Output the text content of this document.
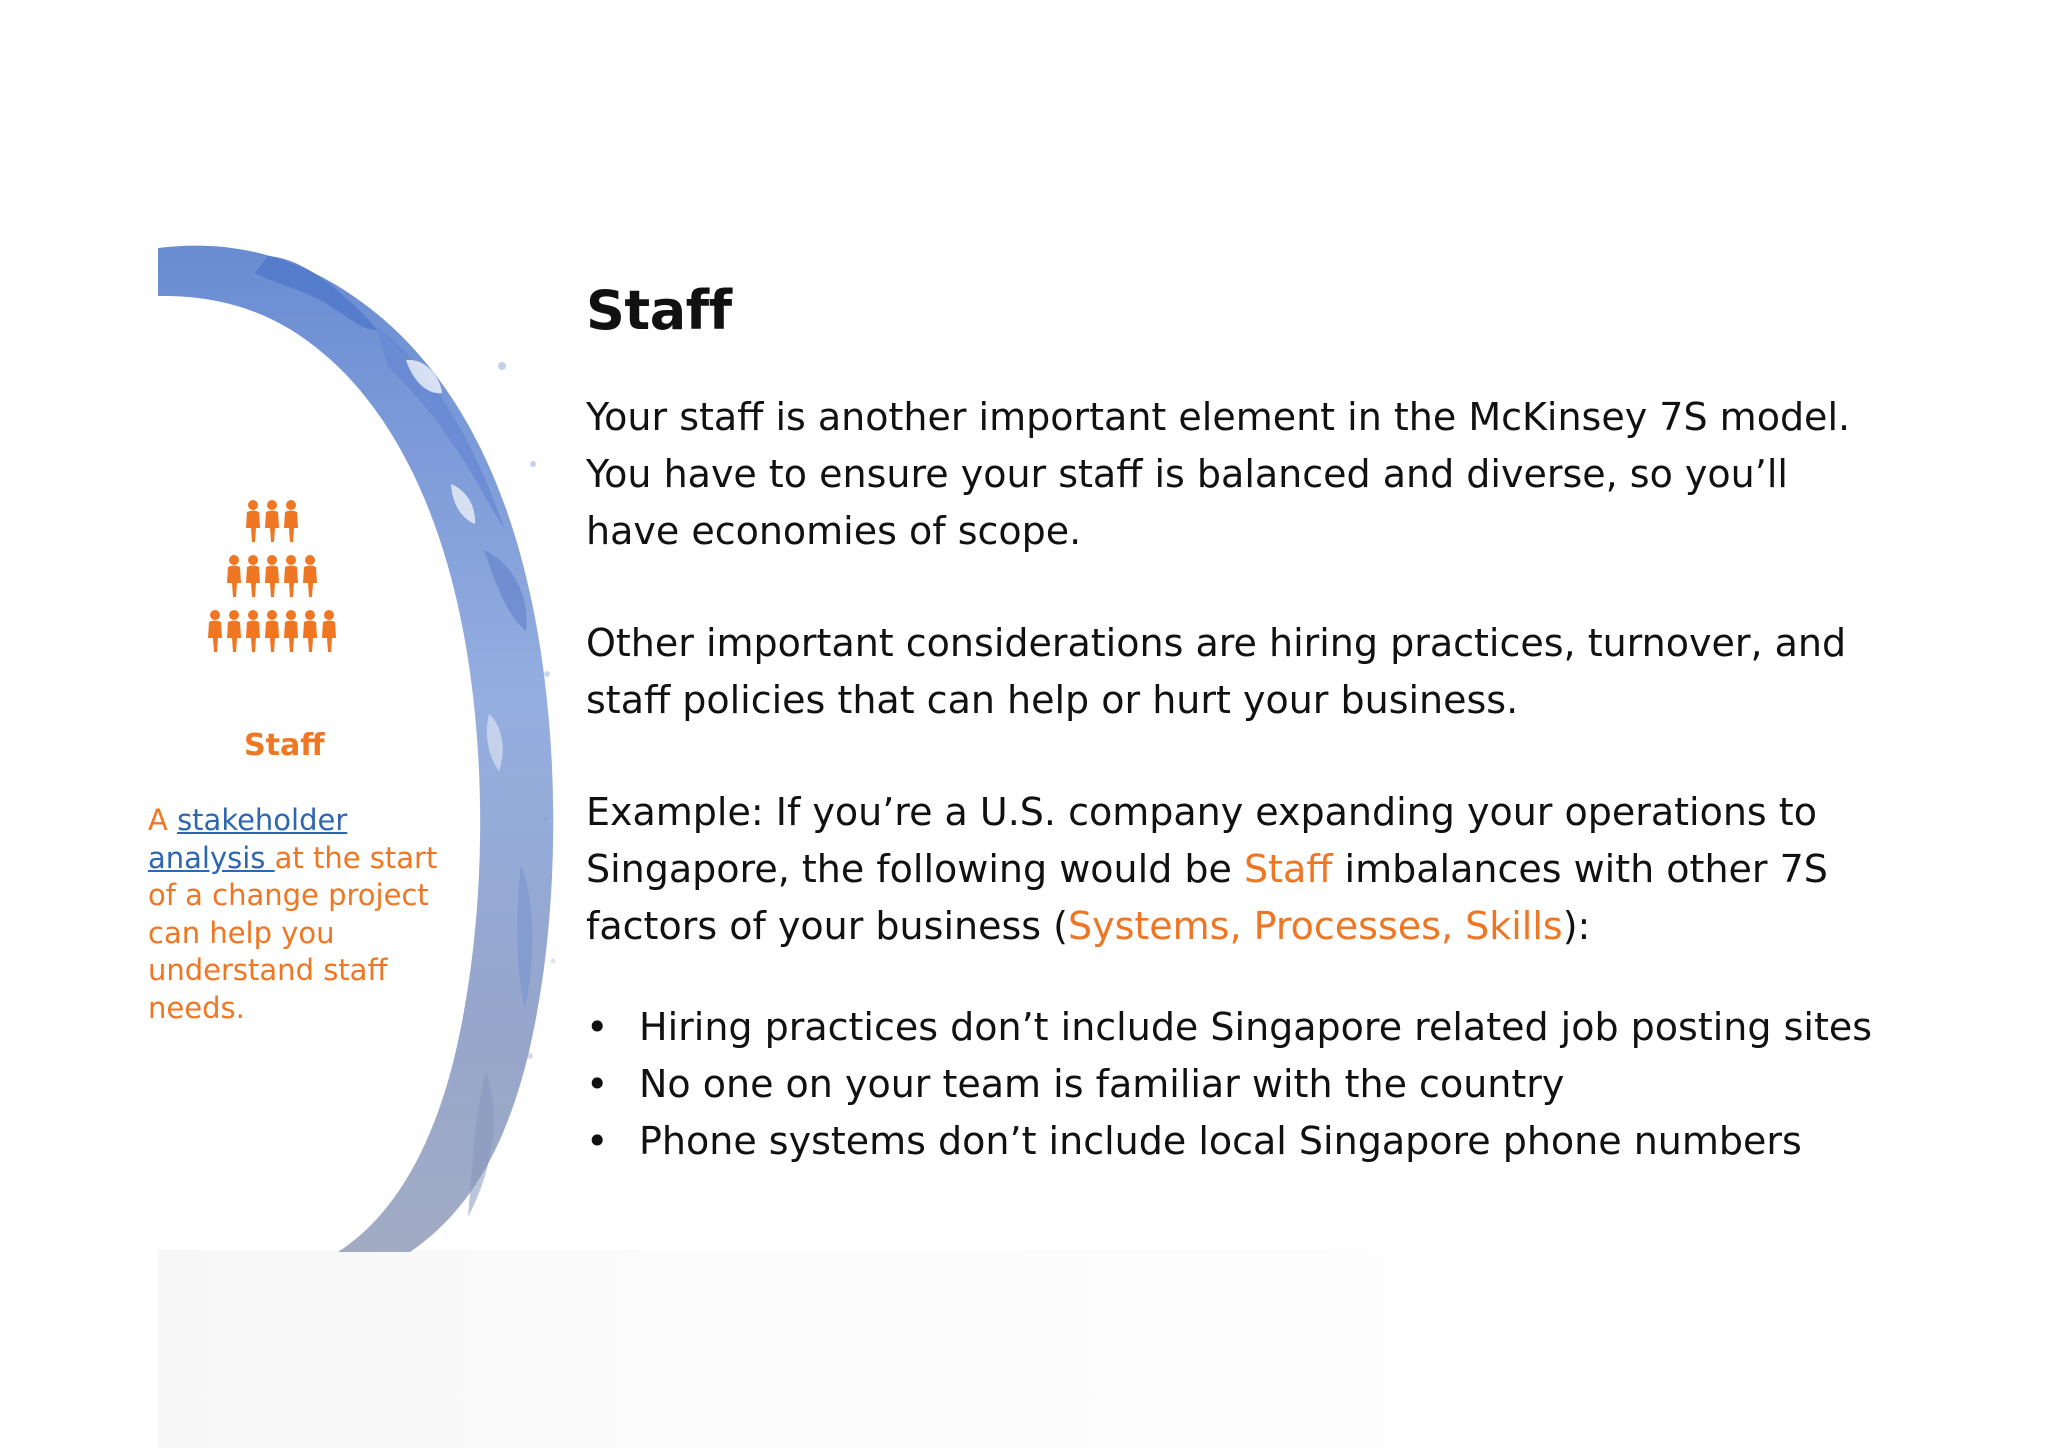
Staff

A stakeholder analysis at the start of a change project can help you understand staff needs.

Staff

Your staff is another important element in the McKinsey 7S model. You have to ensure your staff is balanced and diverse, so you’ll have economies of scope.

Other important considerations are hiring practices, turnover, and staff policies that can help or hurt your business.

Example: If you’re a U.S. company expanding your operations to Singapore, the following would be Staff imbalances with other 7S factors of your business (Systems, Processes, Skills):

• Hiring practices don’t include Singapore related job posting sites
• No one on your team is familiar with the country
• Phone systems don’t include local Singapore phone numbers
